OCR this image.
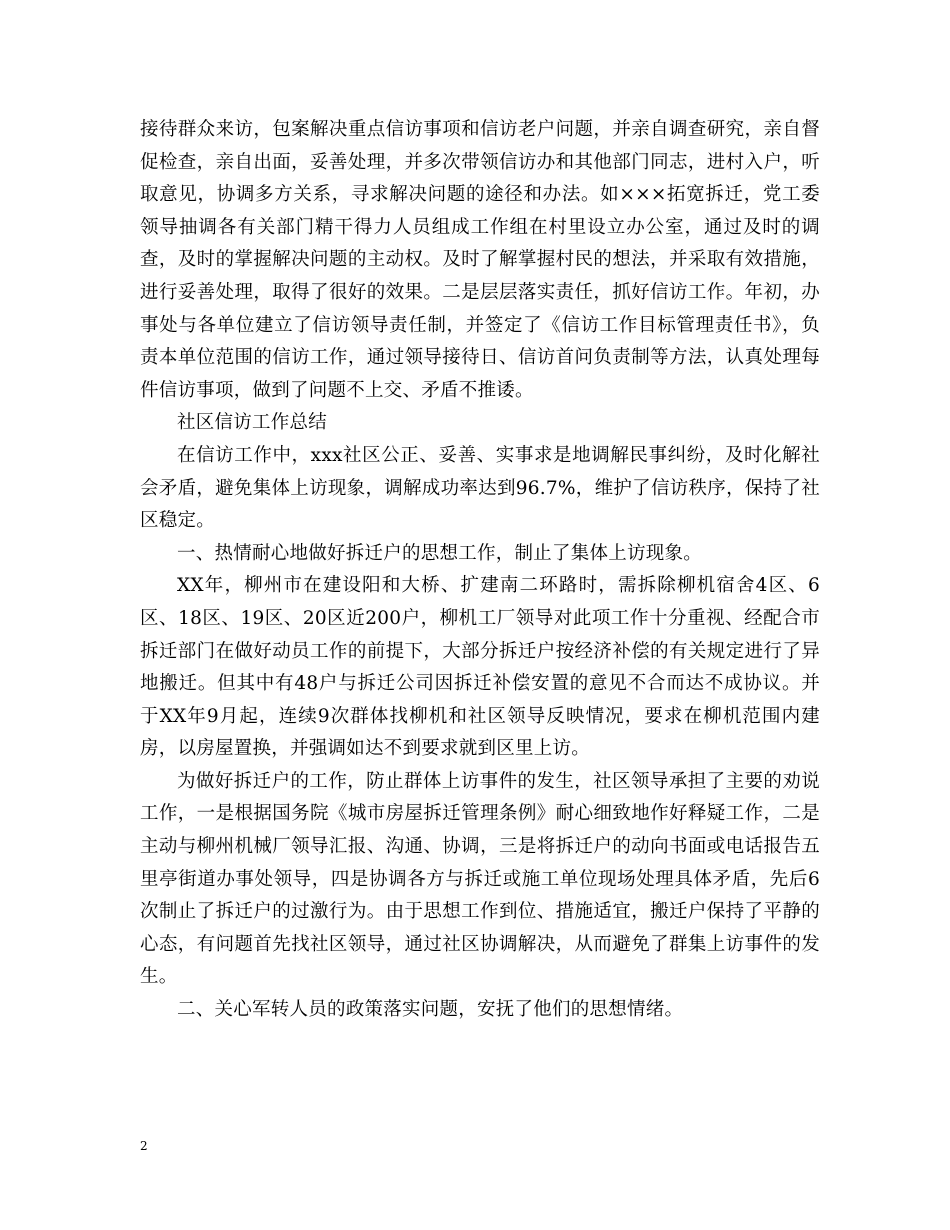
接待群众来访，包案解决重点信访事项和信访老户问题，并亲自调查研究，亲自督促检查，亲自出面，妥善处理，并多次带领信访办和其他部门同志，进村入户，听取意见，协调多方关系，寻求解决问题的途径和办法。如×××拓宽拆迁，党工委领导抽调各有关部门精干得力人员组成工作组在村里设立办公室，通过及时的调查，及时的掌握解决问题的主动权。及时了解掌握村民的想法，并采取有效措施，进行妥善处理，取得了很好的效果。二是层层落实责任，抓好信访工作。年初，办事处与各单位建立了信访领导责任制，并签定了《信访工作目标管理责任书》，负责本单位范围的信访工作，通过领导接待日、信访首问负责制等方法，认真处理每件信访事项，做到了问题不上交、矛盾不推诿。

社区信访工作总结

在信访工作中，xxx社区公正、妥善、实事求是地调解民事纠纷，及时化解社会矛盾，避免集体上访现象，调解成功率达到96.7%，维护了信访秩序，保持了社区稳定。

一、热情耐心地做好拆迁户的思想工作，制止了集体上访现象。

XX年，柳州市在建设阳和大桥、扩建南二环路时，需拆除柳机宿舍4区、6区、18区、19区、20区近200户，柳机工厂领导对此项工作十分重视、经配合市拆迁部门在做好动员工作的前提下，大部分拆迁户按经济补偿的有关规定进行了异地搬迁。但其中有48户与拆迁公司因拆迁补偿安置的意见不合而达不成协议。并于XX年9月起，连续9次群体找柳机和社区领导反映情况，要求在柳机范围内建房，以房屋置换，并强调如达不到要求就到区里上访。

为做好拆迁户的工作，防止群体上访事件的发生，社区领导承担了主要的劝说工作，一是根据国务院《城市房屋拆迁管理条例》耐心细致地作好释疑工作，二是主动与柳州机械厂领导汇报、沟通、协调，三是将拆迁户的动向书面或电话报告五里亭街道办事处领导，四是协调各方与拆迁或施工单位现场处理具体矛盾，先后6次制止了拆迁户的过激行为。由于思想工作到位、措施适宜，搬迁户保持了平静的心态，有问题首先找社区领导，通过社区协调解决，从而避免了群集上访事件的发生。

二、关心军转人员的政策落实问题，安抚了他们的思想情绪。

2
